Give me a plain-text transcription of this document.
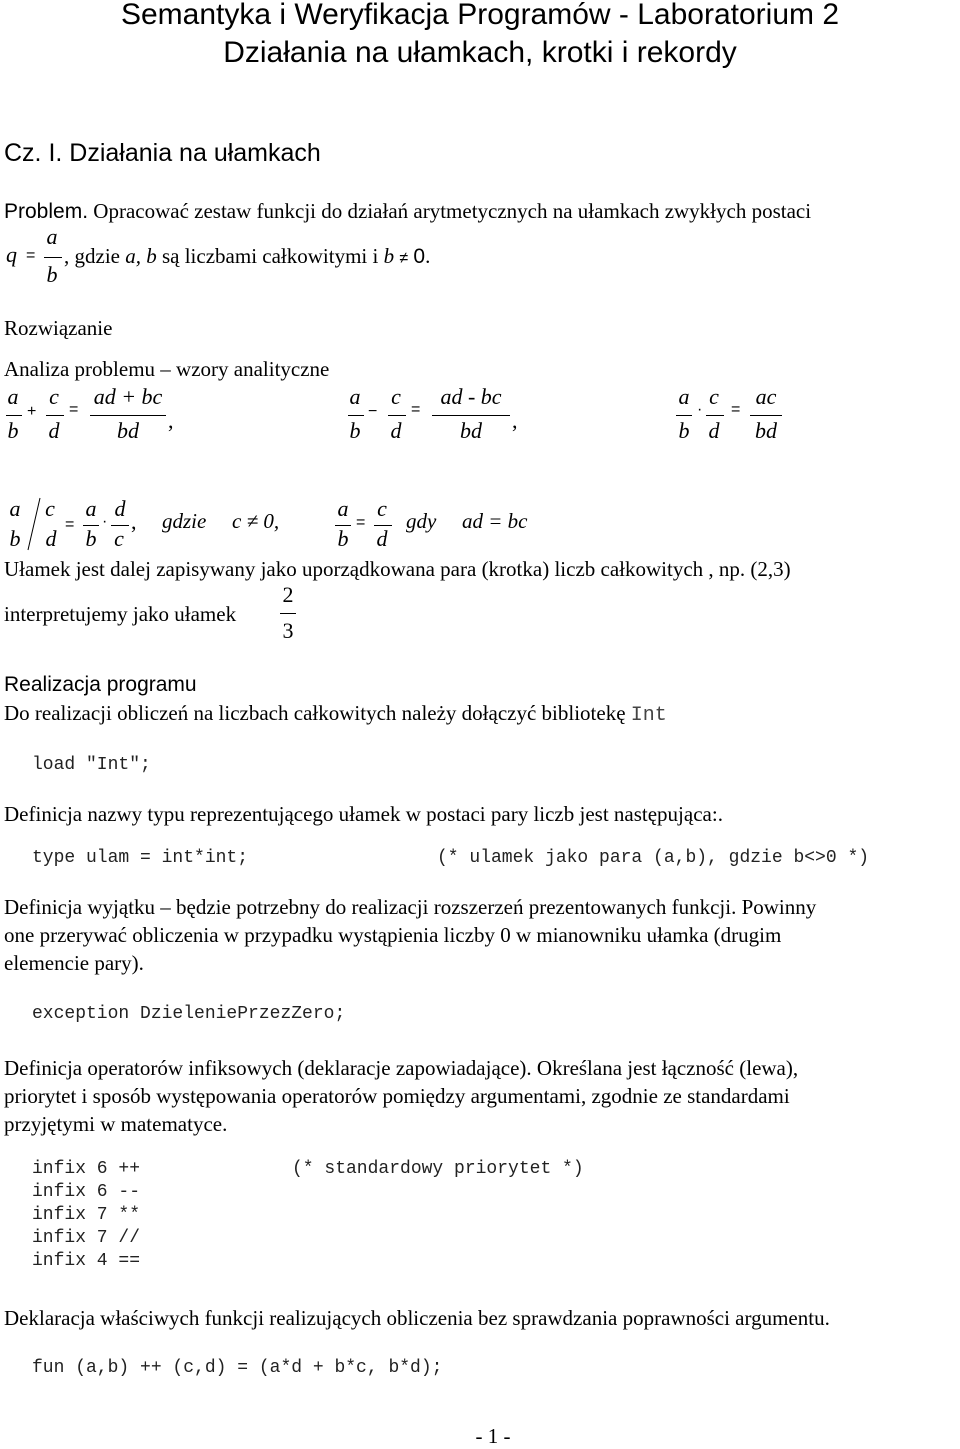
Semantyka i Weryfikacja Programów - Laboratorium 2
Działania na ułamkach, krotki i rekordy
Cz. I. Działania na ułamkach
Problem. Opracować zestaw funkcji do działań arytmetycznych na ułamkach zwykłych postaci
q =
a
b
, gdzie a, b są liczbami całkowitymi i b ≠ 0.
Rozwiązanie
Analiza problemu – wzory analityczne
a
b
+
c
d
=
ad + bc
bd	,
a
b
−
c
d
=
ad - bc
bd	,
a
b
·
c
d
=
ac
bd
a
b
c
d
=
a
b
·
d
c
, gdzie c ≠ 0,	a
b
=
c
d
gdy ad = bc
Ułamek jest dalej zapisywany jako uporządkowana para (krotka) liczb całkowitych , np. (2,3)
interpretujemy jako ułamek
2
3
Realizacja programu
Do realizacji obliczeń na liczbach całkowitych należy dołączyć bibliotekę Int
load "Int";
Definicja nazwy typu reprezentującego ułamek w postaci pary liczb jest następująca:.
type ulam = int*int;	(* ulamek jako para (a,b), gdzie b<>0 *)
Definicja wyjątku – będzie potrzebny do realizacji rozszerzeń prezentowanych funkcji. Powinny
one przerywać obliczenia w przypadku wystąpienia liczby 0 w mianowniku ułamka (drugim
elemencie pary).
exception DzieleniePrzezZero;
Definicja operatorów infiksowych (deklaracje zapowiadające). Określana jest łączność (lewa),
priorytet i sposób występowania operatorów pomiędzy argumentami, zgodnie ze standardami
przyjętymi w matematyce.
infix 6 ++	(* standardowy priorytet *)
infix 6 --
infix 7 **
infix 7 //
infix 4 ==
Deklaracja właściwych funkcji realizujących obliczenia bez sprawdzania poprawności argumentu.
fun (a,b) ++ (c,d) = (a*d + b*c, b*d);
- 1 -
